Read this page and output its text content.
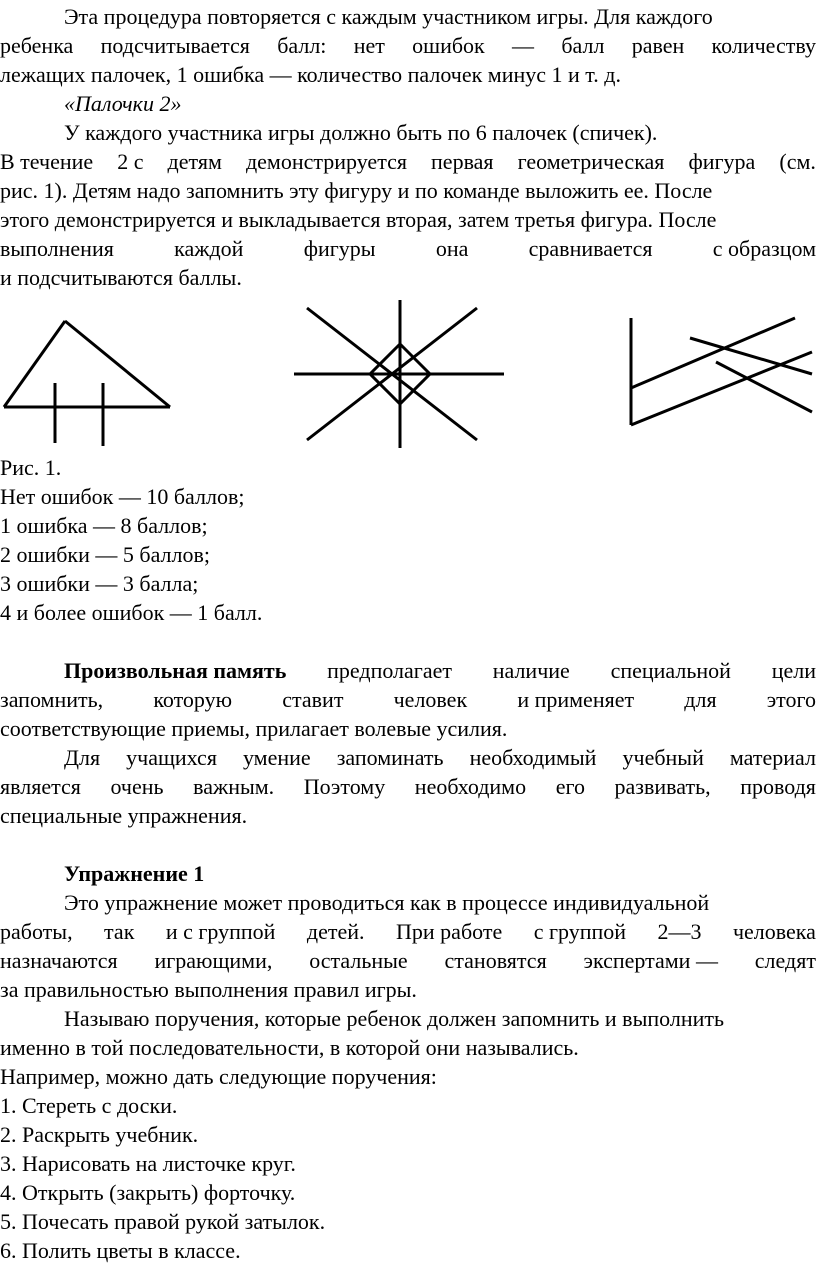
Эта процедура повторяется с каждым участником игры. Для каждого
ребенка подсчитывается балл: нет ошибок — балл равен количеству
лежащих палочек, 1 ошибка — количество палочек минус 1 и т. д.
«Палочки 2»
У каждого участника игры должно быть по 6 палочек (спичек).
В течение 2 с детям демонстрируется первая геометрическая фигура (см.
рис. 1). Детям надо запомнить эту фигуру и по команде выложить ее. После
этого демонстрируется и выкладывается вторая, затем третья фигура. После
выполнения	каждой	фигуры	она	сравнивается	с образцом
и подсчитываются баллы.
Рис. 1.
Нет ошибок — 10 баллов;
1 ошибка — 8 баллов;
2 ошибки — 5 баллов;
3 ошибки — 3 балла;
4 и более ошибок — 1 балл.
Произвольная память предполагает наличие специальной цели
запомнить, которую ставит человек и применяет для этого
соответствующие приемы, прилагает волевые усилия.
Для учащихся умение запоминать необходимый учебный материал
является очень важным. Поэтому необходимо его развивать, проводя
специальные упражнения.
Упражнение 1
Это упражнение может проводиться как в процессе индивидуальной
работы, так и с группой детей. При работе с группой 2—3 человека
назначаются играющими, остальные становятся экспертами — следят
за правильностью выполнения правил игры.
Называю поручения, которые ребенок должен запомнить и выполнить
именно в той последовательности, в которой они назывались.
Например, можно дать следующие поручения:
1. Стереть с доски.
2. Раскрыть учебник.
3. Нарисовать на листочке круг.
4. Открыть (закрыть) форточку.
5. Почесать правой рукой затылок.
6. Полить цветы в классе.
